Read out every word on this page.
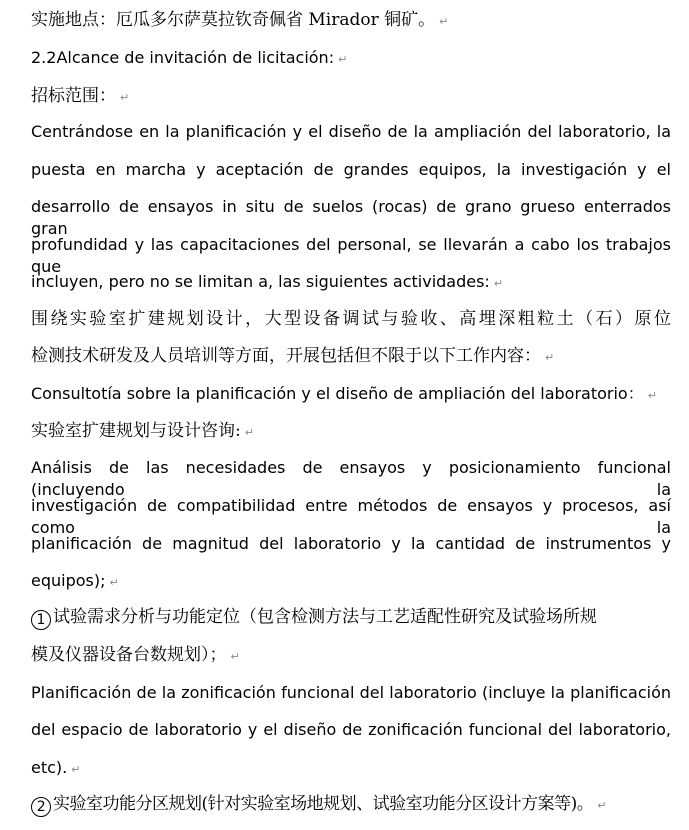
实施地点：厄瓜多尔萨莫拉钦奇佩省 Mirador 铜矿。 ↵
2.2Alcance de invitación de licitación: ↵
招标范围： ↵
Centrándose en la planificación y el diseño de la ampliación del laboratorio, la
puesta en marcha y aceptación de grandes equipos, la investigación y el
desarrollo de ensayos in situ de suelos (rocas) de grano grueso enterrados gran
profundidad y las capacitaciones del personal, se llevarán a cabo los trabajos que
incluyen, pero no se limitan a, las siguientes actividades: ↵
围绕实验室扩建规划设计，大型设备调试与验收、高埋深粗粒土（石）原位
检测技术研发及人员培训等方面，开展包括但不限于以下工作内容： ↵
Consultotía sobre la planificación y el diseño de ampliación del laboratorio： ↵
实验室扩建规划与设计咨询: ↵
Análisis de las necesidades de ensayos y posicionamiento funcional (incluyendo la
investigación de compatibilidad entre métodos de ensayos y procesos, así como la
planificación de magnitud del laboratorio y la cantidad de instrumentos y
equipos); ↵
1 试验需求分析与功能定位（包含检测方法与工艺适配性研究及试验场所规
模及仪器设备台数规划）； ↵
Planificación de la zonificación funcional del laboratorio (incluye la planificación
del espacio de laboratorio y el diseño de zonificación funcional del laboratorio,
etc). ↵
2 实验室功能分区规划(针对实验室场地规划、试验室功能分区设计方案等)。 ↵
